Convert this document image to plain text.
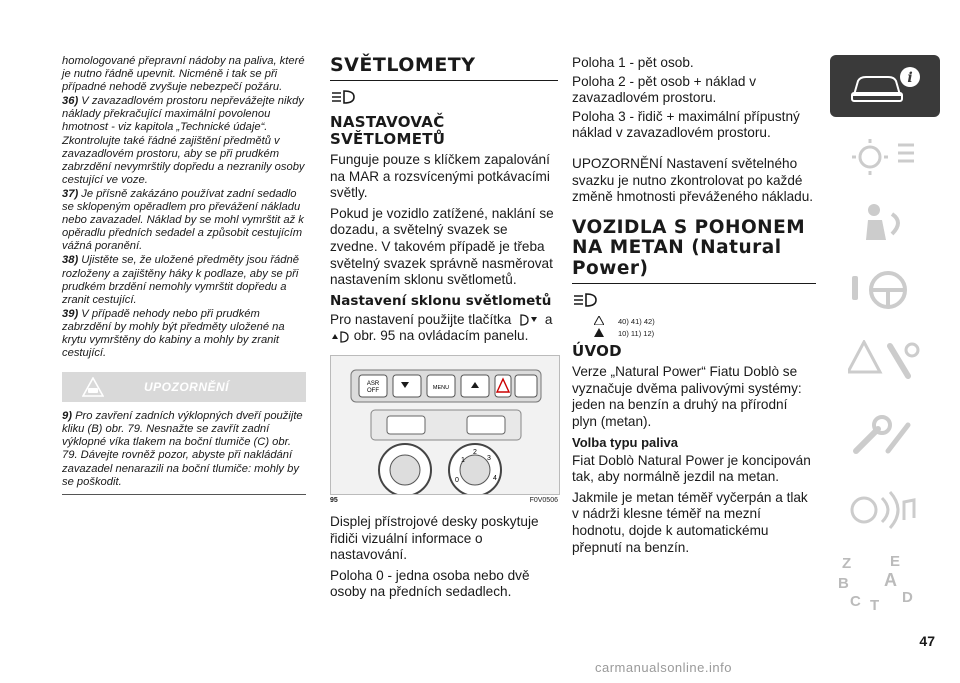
homologované přepravní nádoby na paliva, které je nutno řádně upevnit. Nicméně i tak se při případné nehodě zvyšuje nebezpečí požáru.

36) V zavazadlovém prostoru nepřevážejte nikdy náklady překračující maximální povolenou hmotnost - viz kapitola „Technické údaje“. Zkontrolujte také řádné zajištění předmětů v zavazadlovém prostoru, aby se při prudkém zabrzdění nevymrštily dopředu a nezranily osoby cestující ve voze.

37) Je přísně zakázáno používat zadní sedadlo se sklopeným opěradlem pro převážení nákladu nebo zavazadel. Náklad by se mohl vymrštit až k opěradlu předních sedadel a způsobit cestujícím vážná poranění.

38) Ujistěte se, že uložené předměty jsou řádně rozloženy a zajištěny háky k podlaze, aby se při prudkém brzdění nemohly vymrštit dopředu a zranit cestující.

39) V případě nehody nebo při prudkém zabrzdění by mohly být předměty uložené na krytu vymrštěny do kabiny a mohly by zranit cestující.

UPOZORNĚNÍ

9) Pro zavření zadních výklopných dveří použijte kliku (B) obr. 79. Nesnažte se zavřít zadní výklopné víka tlakem na boční tlumiče (C) obr. 79. Dávejte rovněž pozor, abyste při nakládání zavazadel nenarazili na boční tlumiče: mohly by se poškodit.

SVĚTLOMETY
NASTAVOVAČ SVĚTLOMETŮ

Funguje pouze s klíčkem zapalování na MAR a rozsvícenými potkávacími světly.

Pokud je vozidlo zatížené, naklání se dozadu, a světelný svazek se zvedne. V takovém případě je třeba světelný svazek správně nasměrovat nastavením sklonu světlometů.

Nastavení sklonu světlometů

Pro nastavení použijte tlačítka a
obr. 95 na ovládacím panelu.

ASR
OFF	MENU
0
1
2
3
4
95	F0V0506

Displej přístrojové desky poskytuje řidiči vizuální informace o nastavování.

Poloha 0 - jedna osoba nebo dvě osoby na předních sedadlech.

Poloha 1 - pět osob.

Poloha 2 - pět osob + náklad v zavazadlovém prostoru.

Poloha 3 - řidič + maximální přípustný náklad v zavazadlovém prostoru.

UPOZORNĚNÍ Nastavení světelného svazku je nutno zkontrolovat po každé změně hmotnosti převáženého nákladu.

VOZIDLA S POHONEM NA METAN (Natural Power)
40) 41) 42)
10) 11) 12)
ÚVOD

Verze „Natural Power“ Fiatu Doblò se vyznačuje dvěma palivovými systémy: jeden na benzín a druhý na přírodní plyn (metan).

Volba typu paliva

Fiat Doblò Natural Power je koncipován tak, aby normálně jezdil na metan.

Jakmile je metan téměř vyčerpán a tlak v nádrži klesne téměř na mezní hodnotu, dojde k automatickému přepnutí na benzín.

i
Z	E
B A
C T D
47
carmanualsonline.info
